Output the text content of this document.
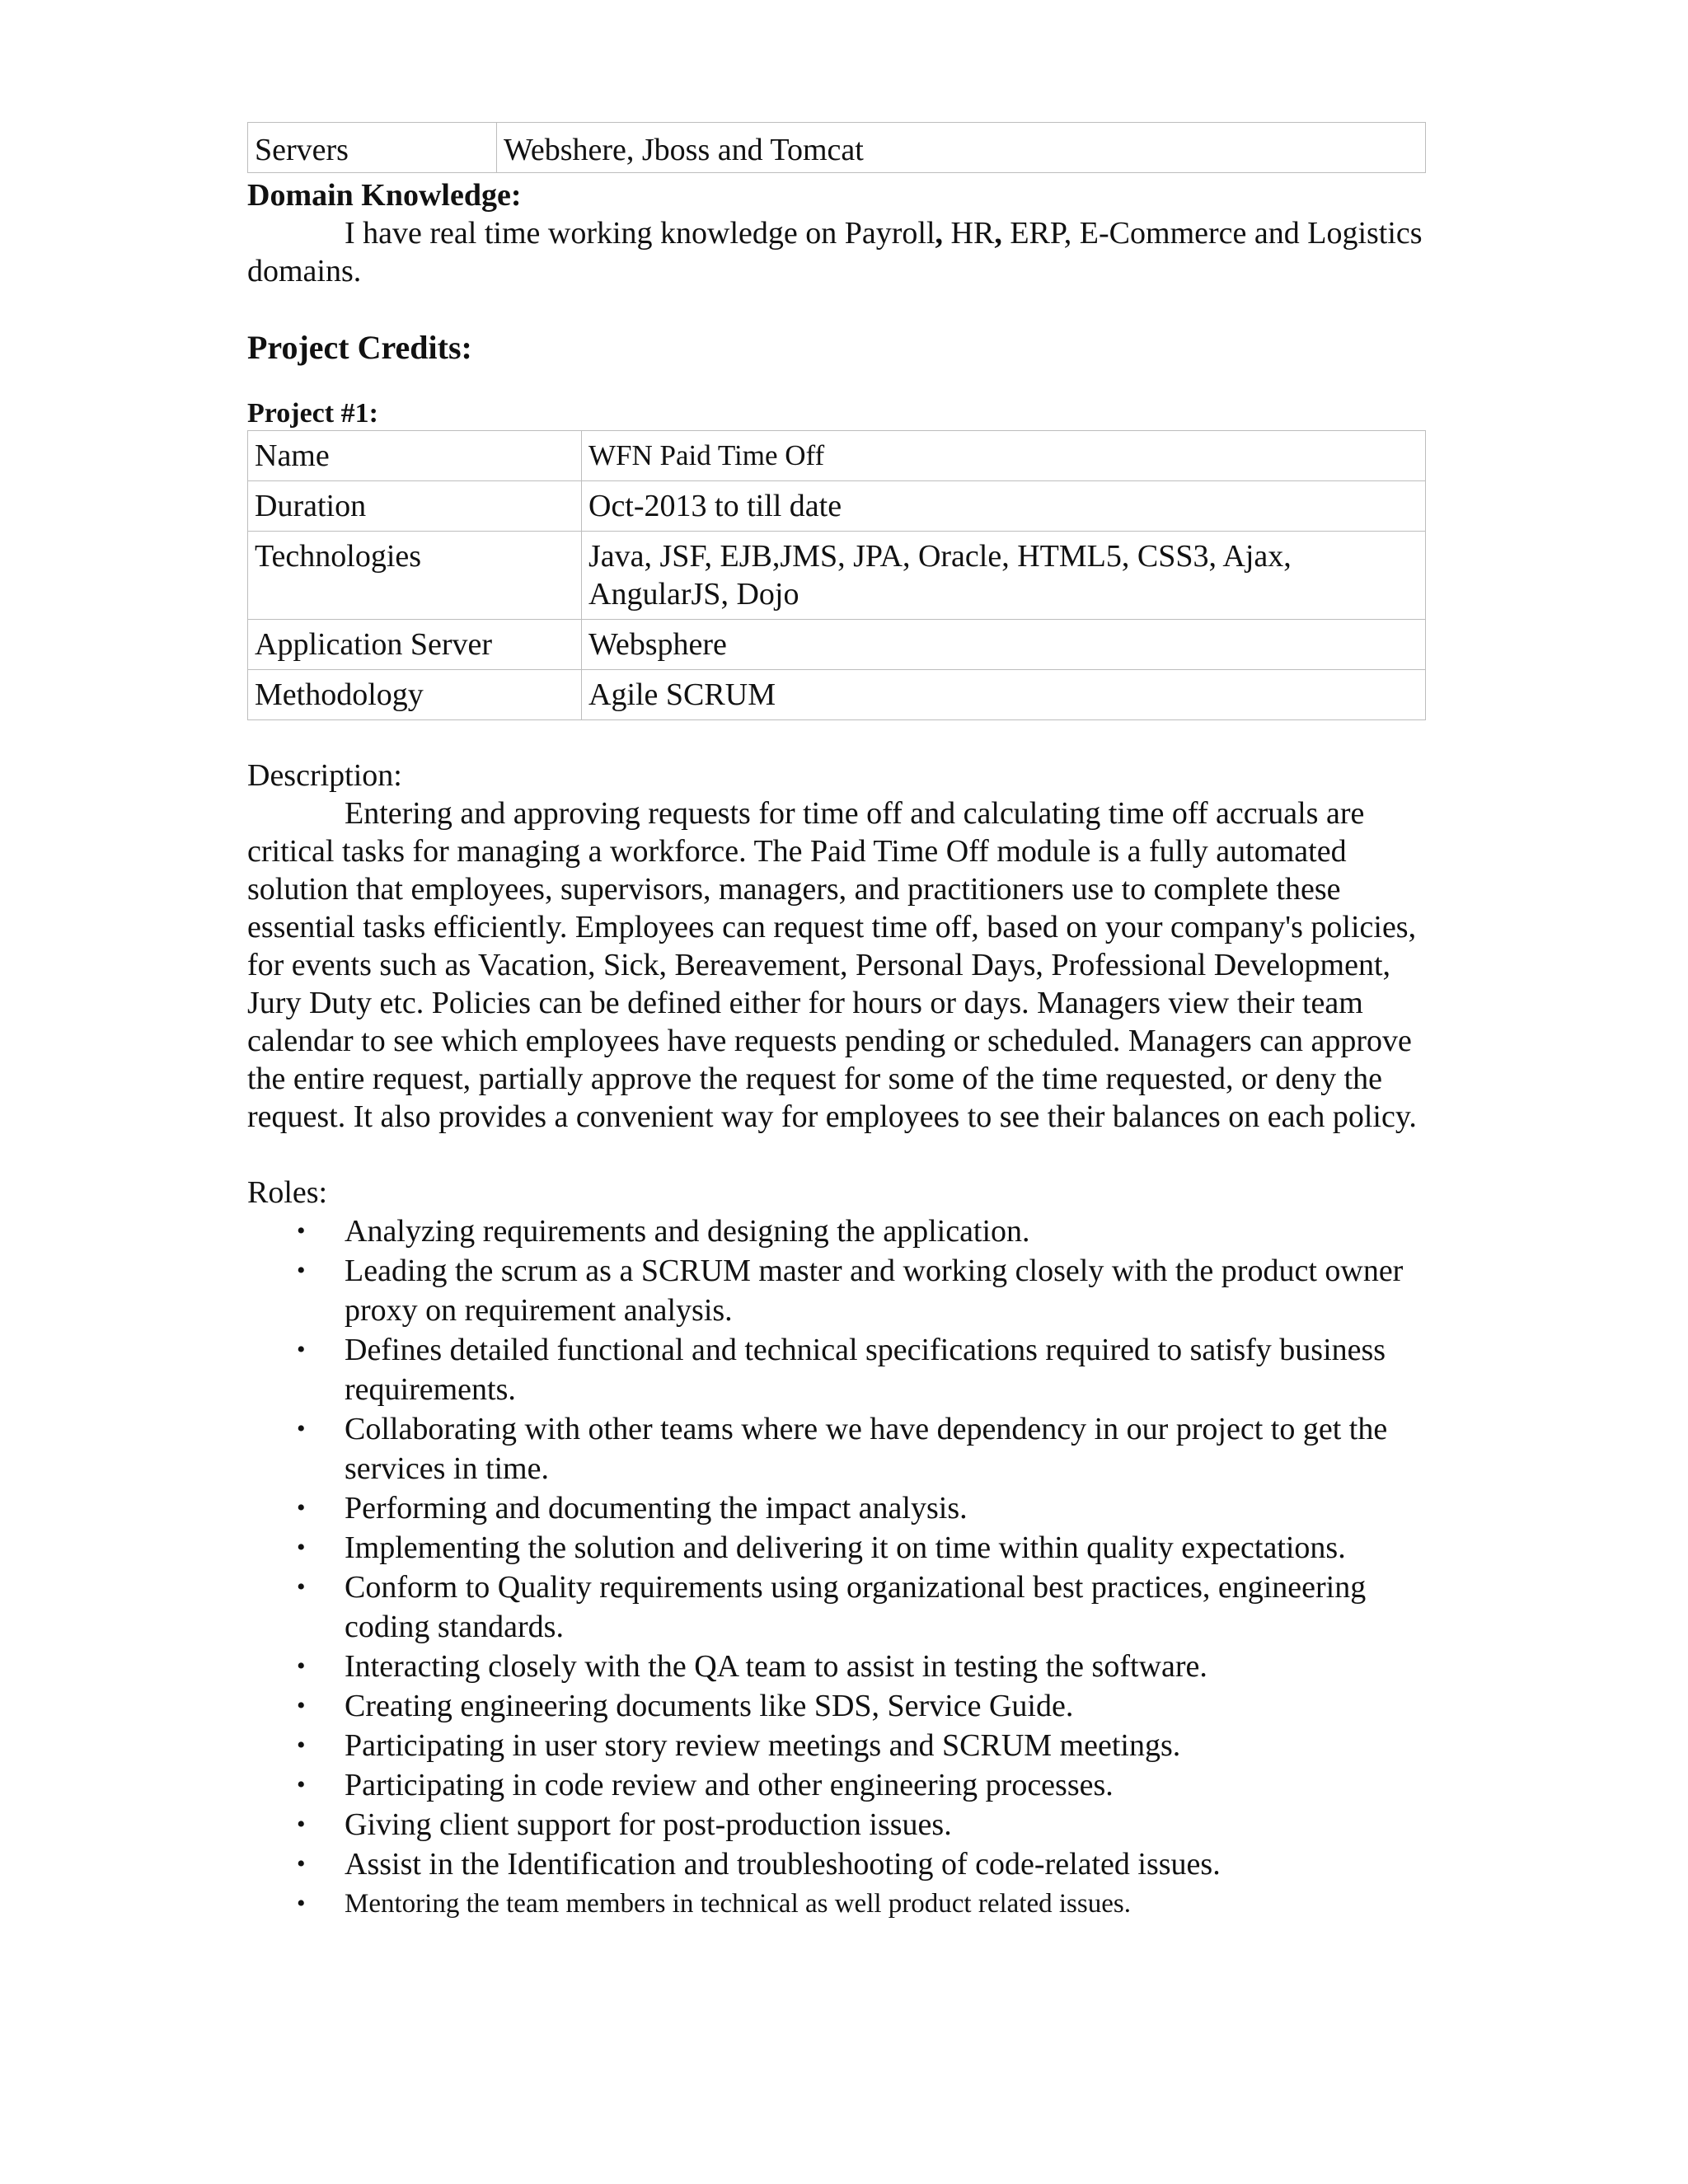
Servers	Webshere, Jboss and Tomcat

Domain Knowledge:

I have real time working knowledge on Payroll, HR, ERP, E-Commerce and Logistics domains.

Project Credits:

Project #1:

Name	WFN Paid Time Off
Duration	Oct-2013 to till date
Technologies	Java, JSF, EJB,JMS, JPA, Oracle, HTML5, CSS3, Ajax, AngularJS, Dojo
Application Server	Websphere
Methodology	Agile SCRUM

Description:

Entering and approving requests for time off and calculating time off accruals are critical tasks for managing a workforce. The Paid Time Off module is a fully automated solution that employees, supervisors, managers, and practitioners use to complete these essential tasks efficiently. Employees can request time off, based on your company's policies, for events such as Vacation, Sick, Bereavement, Personal Days, Professional Development, Jury Duty etc. Policies can be defined either for hours or days. Managers view their team calendar to see which employees have requests pending or scheduled. Managers can approve the entire request, partially approve the request for some of the time requested, or deny the request. It also provides a convenient way for employees to see their balances on each policy.

Roles:

• Analyzing requirements and designing the application.
• Leading the scrum as a SCRUM master and working closely with the product owner proxy on requirement analysis.
• Defines detailed functional and technical specifications required to satisfy business requirements.
• Collaborating with other teams where we have dependency in our project to get the services in time.
• Performing and documenting the impact analysis.
• Implementing the solution and delivering it on time within quality expectations.
• Conform to Quality requirements using organizational best practices, engineering coding standards.
• Interacting closely with the QA team to assist in testing the software.
• Creating engineering documents like SDS, Service Guide.
• Participating in user story review meetings and SCRUM meetings.
• Participating in code review and other engineering processes.
• Giving client support for post-production issues.
• Assist in the Identification and troubleshooting of code-related issues.
• Mentoring the team members in technical as well product related issues.
